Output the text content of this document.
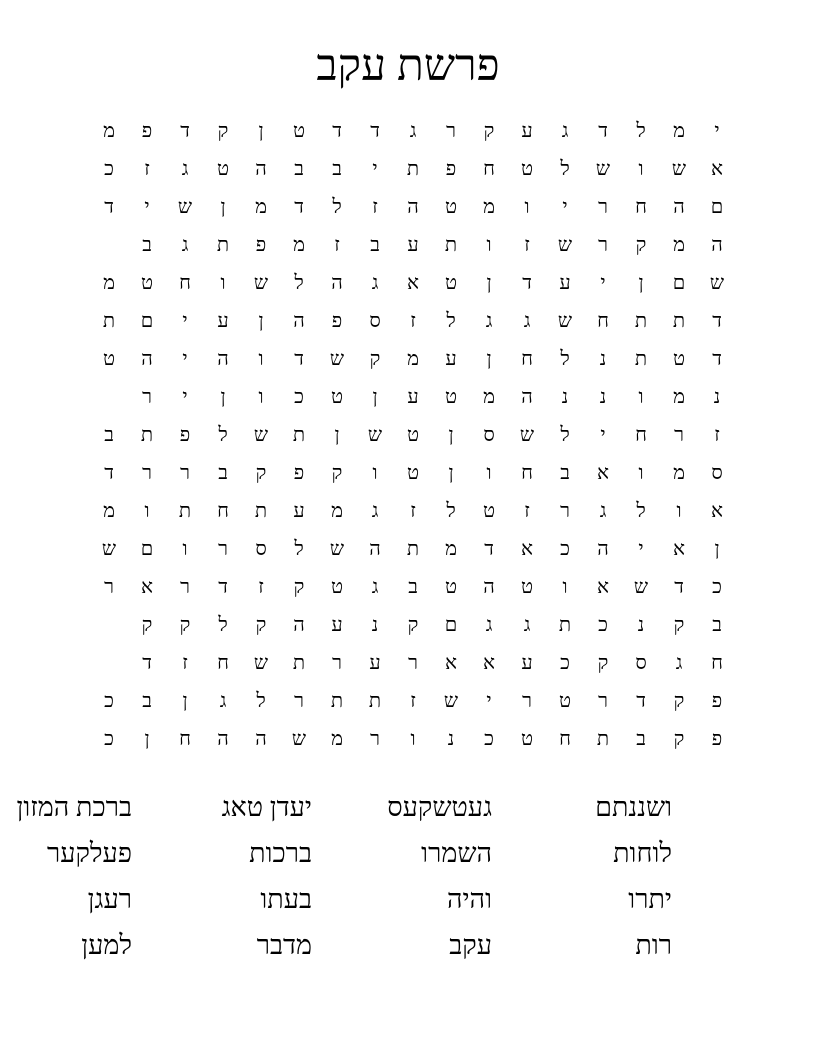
פרשת עקב
י
מ
ל
ד
ג
ע
ק
ר
ג
ד
ד
ט
ן
ק
ד
פ
מ
א
ש
ו
ש
ל
ט
ח
פ
ת
י
ב
ב
ה
ט
ג
ז
כ
ם
ה
ח
ר
י
ו
מ
ט
ה
ז
ל
ד
מ
ן
ש
י
ד
ה
מ
ק
ר
ש
ז
ו
ת
ע
ב
ז
מ
פ
ת
ג
ב
ש
ם
ן
י
ע
ד
ן
ט
א
ג
ה
ל
ש
ו
ח
ט
מ
ד
ת
ת
ח
ש
ג
ג
ל
ז
ס
פ
ה
ן
ע
י
ם
ת
ד
ט
ת
נ
ל
ח
ן
ע
מ
ק
ש
ד
ו
ה
י
ה
ט
נ
מ
ו
נ
נ
ה
מ
ט
ע
ן
ט
כ
ו
ן
י
ר
ז
ר
ח
י
ל
ש
ס
ן
ט
ש
ן
ת
ש
ל
פ
ת
ב
ס
מ
ו
א
ב
ח
ו
ן
ט
ו
ק
פ
ק
ב
ר
ר
ד
א
ו
ל
ג
ר
ז
ט
ל
ז
ג
מ
ע
ת
ח
ת
ו
מ
ן
א
י
ה
כ
א
ד
מ
ת
ה
ש
ל
ס
ר
ו
ם
ש
כ
ד
ש
א
ו
ט
ה
ט
ב
ג
ט
ק
ז
ד
ר
א
ר
ב
ק
נ
כ
ת
ג
ג
ם
ק
נ
ע
ה
ק
ל
ק
ק
ח
ג
ס
ק
כ
ע
א
א
ר
ע
ר
ת
ש
ח
ז
ד
פ
ק
ד
ר
ט
ר
י
ש
ז
ת
ת
ר
ל
ג
ן
ב
כ
פ
ק
ב
ת
ח
ט
כ
נ
ו
ר
מ
ש
ה
ה
ח
ן
כ
ושננתם
געטשקעס
יעדן טאג
ברכת המזון
לוחות
השמרו
ברכות
פעלקער
יתרו
והיה
בעתו
רעגן
רות
עקב
מדבר
למען
